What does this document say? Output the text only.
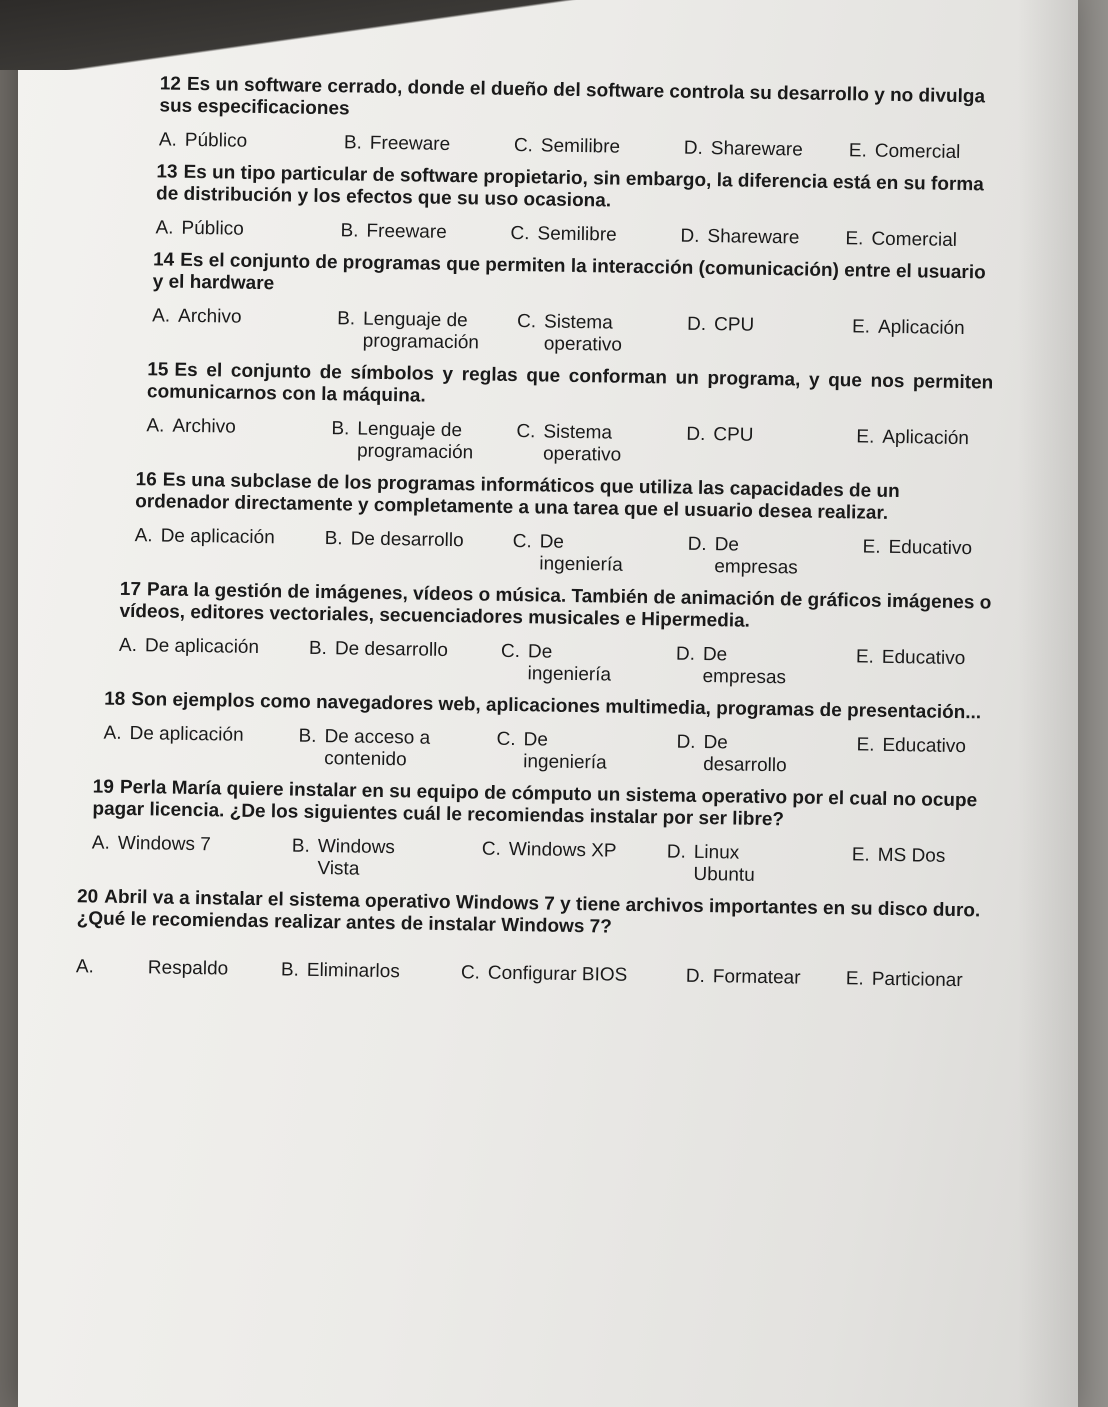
12 Es un software cerrado, donde el dueño del software controla su desarrollo y no divulga sus especificaciones
A. Público	B. Freeware	C. Semilibre	D. Shareware E. Comercial
13 Es un tipo particular de software propietario, sin embargo, la diferencia está en su forma de distribución y los efectos que su uso ocasiona.
A. Público	B. Freeware	C. Semilibre	D. Shareware E. Comercial
14 Es el conjunto de programas que permiten la interacción (comunicación) entre el usuario y el hardware
A. Archivo	B. Lenguaje de programación
C. Sistema operativo
D. CPU	E. Aplicación
15 Es el conjunto de símbolos y reglas que conforman un programa, y que nos permiten comunicarnos con la máquina.
A. Archivo	B. Lenguaje de programación
C. Sistema operativo
D. CPU	E. Aplicación
16 Es una subclase de los programas informáticos que utiliza las capacidades de un ordenador directamente y completamente a una tarea que el usuario desea realizar.
A. De aplicación	B. De desarrollo	C. De ingeniería
D. De empresas
E. Educativo
17 Para la gestión de imágenes, vídeos o música. También de animación de gráficos imágenes o vídeos, editores vectoriales, secuenciadores musicales e Hipermedia.
A. De aplicación	B. De desarrollo	C. De ingeniería
D. De empresas
E. Educativo
18 Son ejemplos como navegadores web, aplicaciones multimedia, programas de presentación...
A. De aplicación	B. De acceso a contenido
C. De ingeniería
D. De desarrollo
E. Educativo
19 Perla María quiere instalar en su equipo de cómputo un sistema operativo por el cual no ocupe pagar licencia. ¿De los siguientes cuál le recomiendas instalar por ser libre?
A. Windows 7	B. Windows Vista
C. Windows XP	D. Linux Ubuntu
E. MS Dos
20 Abril va a instalar el sistema operativo Windows 7 y tiene archivos importantes en su disco duro. ¿Qué le recomiendas realizar antes de instalar Windows 7?
A.	Respaldo	B. Eliminarlos	C. Configurar BIOS	D. Formatear E. Particionar
